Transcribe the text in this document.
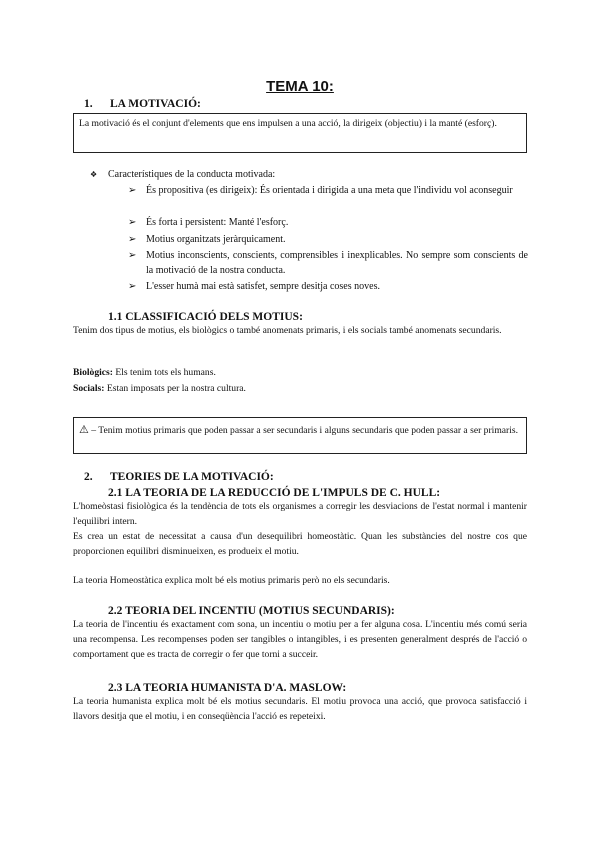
TEMA 10:
1. LA MOTIVACIÓ:
La motivació és el conjunt d'elements que ens impulsen a una acció, la dirigeix (objectiu) i la manté (esforç).
❖ Característiques de la conducta motivada:
➢ És propositiva (es dirigeix): És orientada i dirigida a una meta que l'individu vol aconseguir
➢ És forta i persistent: Manté l'esforç.
➢ Motius organitzats jeràrquicament.
➢ Motius inconscients, conscients, comprensibles i inexplicables. No sempre som conscients de la motivació de la nostra conducta.
➢ L'esser humà mai està satisfet, sempre desitja coses noves.
1.1 CLASSIFICACIÓ DELS MOTIUS:
Tenim dos tipus de motius, els biològics o també anomenats primaris, i els socials també anomenats secundaris.
Biològics: Els tenim tots els humans.
Socials: Estan imposats per la nostra cultura.
⚠ – Tenim motius primaris que poden passar a ser secundaris i alguns secundaris que poden passar a ser primaris.
2. TEORIES DE LA MOTIVACIÓ:
2.1 LA TEORIA DE LA REDUCCIÓ DE L'IMPULS DE C. HULL:
L'homeòstasi fisiològica és la tendència de tots els organismes a corregir les desviacions de l'estat normal i mantenir l'equilibri intern.
Es crea un estat de necessitat a causa d'un desequilibri homeostàtic. Quan les substàncies del nostre cos que proporcionen equilibri disminueixen, es produeix el motiu.
La teoria Homeostàtica explica molt bé els motius primaris però no els secundaris.
2.2 TEORIA DEL INCENTIU (MOTIUS SECUNDARIS):
La teoria de l'incentiu és exactament com sona, un incentiu o motiu per a fer alguna cosa. L'incentiu més comú seria una recompensa. Les recompenses poden ser tangibles o intangibles, i es presenten generalment després de l'acció o comportament que es tracta de corregir o fer que torni a succeir.
2.3 LA TEORIA HUMANISTA D'A. MASLOW:
La teoria humanista explica molt bé els motius secundaris. El motiu provoca una acció, que provoca satisfacció i llavors desitja que el motiu, i en conseqüència l'acció es repeteixi.
